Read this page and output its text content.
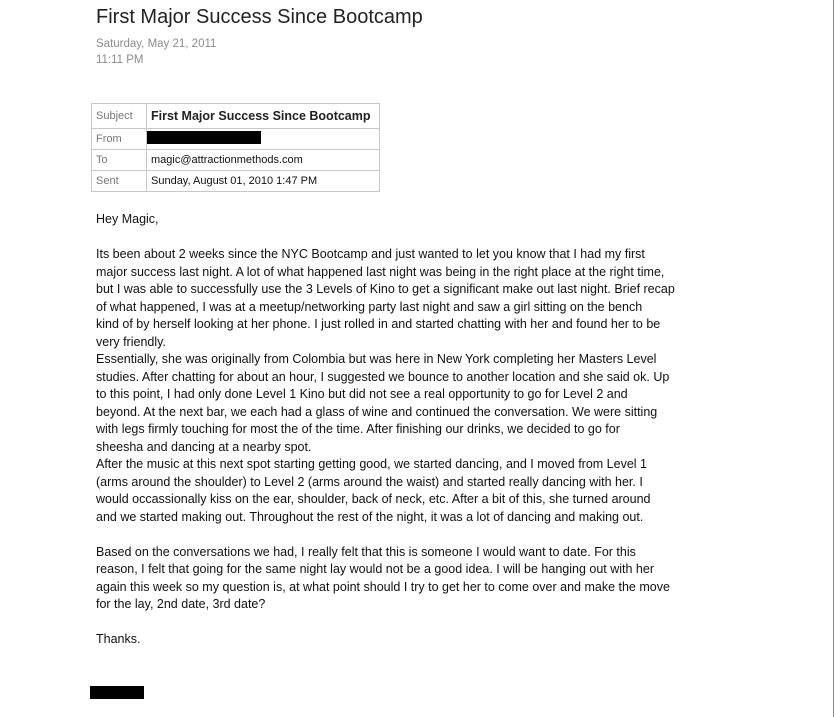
First Major Success Since Bootcamp
Saturday, May 21, 2011
11:11 PM
Subject	First Major Success Since Bootcamp
From	
To	magic@attractionmethods.com
Sent	Sunday, August 01, 2010 1:47 PM

Hey Magic,

Its been about 2 weeks since the NYC Bootcamp and just wanted to let you know that I had my first
major success last night. A lot of what happened last night was being in the right place at the right time,
but I was able to successfully use the 3 Levels of Kino to get a significant make out last night. Brief recap
of what happened, I was at a meetup/networking party last night and saw a girl sitting on the bench
kind of by herself looking at her phone. I just rolled in and started chatting with her and found her to be
very friendly.

Essentially, she was originally from Colombia but was here in New York completing her Masters Level
studies. After chatting for about an hour, I suggested we bounce to another location and she said ok. Up
to this point, I had only done Level 1 Kino but did not see a real opportunity to go for Level 2 and
beyond. At the next bar, we each had a glass of wine and continued the conversation. We were sitting
with legs firmly touching for most the of the time. After finishing our drinks, we decided to go for
sheesha and dancing at a nearby spot.

After the music at this next spot starting getting good, we started dancing, and I moved from Level 1
(arms around the shoulder) to Level 2 (arms around the waist) and started really dancing with her. I
would occassionally kiss on the ear, shoulder, back of neck, etc. After a bit of this, she turned around
and we started making out. Throughout the rest of the night, it was a lot of dancing and making out.

Based on the conversations we had, I really felt that this is someone I would want to date. For this
reason, I felt that going for the same night lay would not be a good idea. I will be hanging out with her
again this week so my question is, at what point should I try to get her to come over and make the move
for the lay, 2nd date, 3rd date?

Thanks.
